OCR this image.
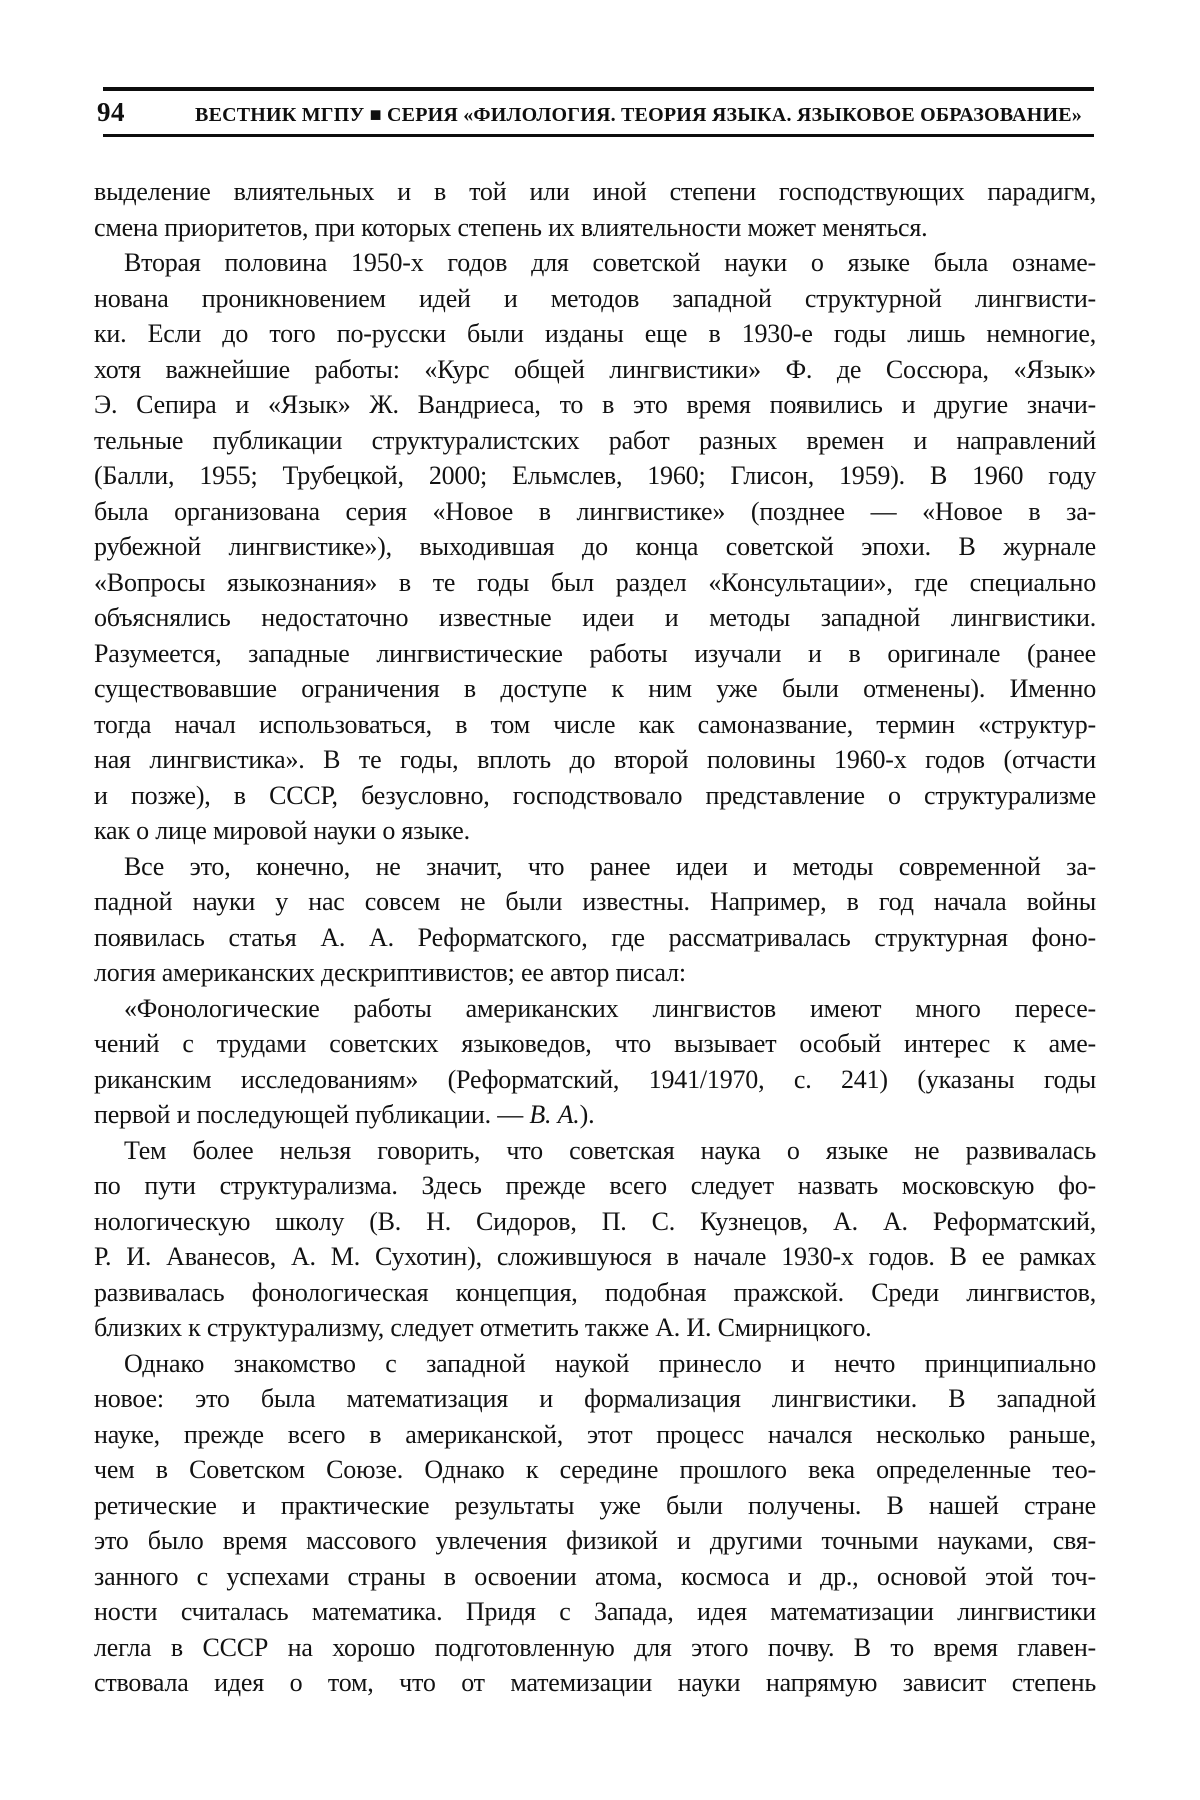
94	ВЕСТНИК МГПУ ■ СЕРИЯ «ФИЛОЛОГИЯ. ТЕОРИЯ ЯЗЫКА. ЯЗЫКОВОЕ ОБРАЗОВАНИЕ»
выделение влиятельных и в той или иной степени господствующих парадигм,
смена приоритетов, при которых степень их влиятельности может меняться.
Вторая половина 1950-х годов для советской науки о языке была ознаме-
нована проникновением идей и методов западной структурной лингвисти-
ки. Если до того по-русски были изданы еще в 1930-е годы лишь немногие,
хотя важнейшие работы: «Курс общей лингвистики» Ф. де Соссюра, «Язык»
Э. Сепира и «Язык» Ж. Вандриеса, то в это время появились и другие значи-
тельные публикации структуралистских работ разных времен и направлений
(Балли, 1955; Трубецкой, 2000; Ельмслев, 1960; Глисон, 1959). В 1960 году
была организована серия «Новое в лингвистике» (позднее — «Новое в за-
рубежной лингвистике»), выходившая до конца советской эпохи. В журнале
«Вопросы языкознания» в те годы был раздел «Консультации», где специально
объяснялись недостаточно известные идеи и методы западной лингвистики.
Разумеется, западные лингвистические работы изучали и в оригинале (ранее
существовавшие ограничения в доступе к ним уже были отменены). Именно
тогда начал использоваться, в том числе как самоназвание, термин «структур-
ная лингвистика». В те годы, вплоть до второй половины 1960-х годов (отчасти
и позже), в СССР, безусловно, господствовало представление о структурализме
как о лице мировой науки о языке.
Все это, конечно, не значит, что ранее идеи и методы современной за-
падной науки у нас совсем не были известны. Например, в год начала войны
появилась статья А. А. Реформатского, где рассматривалась структурная фоно-
логия американских дескриптивистов; ее автор писал:
«Фонологические работы американских лингвистов имеют много пересе-
чений с трудами советских языковедов, что вызывает особый интерес к аме-
риканским исследованиям» (Реформатский, 1941/1970, с. 241) (указаны годы
первой и последующей публикации. — В. А.).
Тем более нельзя говорить, что советская наука о языке не развивалась
по пути структурализма. Здесь прежде всего следует назвать московскую фо-
нологическую школу (В. Н. Сидоров, П. С. Кузнецов, А. А. Реформатский,
Р. И. Аванесов, А. М. Сухотин), сложившуюся в начале 1930-х годов. В ее рамках
развивалась фонологическая концепция, подобная пражской. Среди лингвистов,
близких к структурализму, следует отметить также А. И. Смирницкого.
Однако знакомство с западной наукой принесло и нечто принципиально
новое: это была математизация и формализация лингвистики. В западной
науке, прежде всего в американской, этот процесс начался несколько раньше,
чем в Советском Союзе. Однако к середине прошлого века определенные тео-
ретические и практические результаты уже были получены. В нашей стране
это было время массового увлечения физикой и другими точными науками, свя-
занного с успехами страны в освоении атома, космоса и др., основой этой точ-
ности считалась математика. Придя с Запада, идея математизации лингвистики
легла в СССР на хорошо подготовленную для этого почву. В то время главен-
ствовала идея о том, что от матемизации науки напрямую зависит степень
